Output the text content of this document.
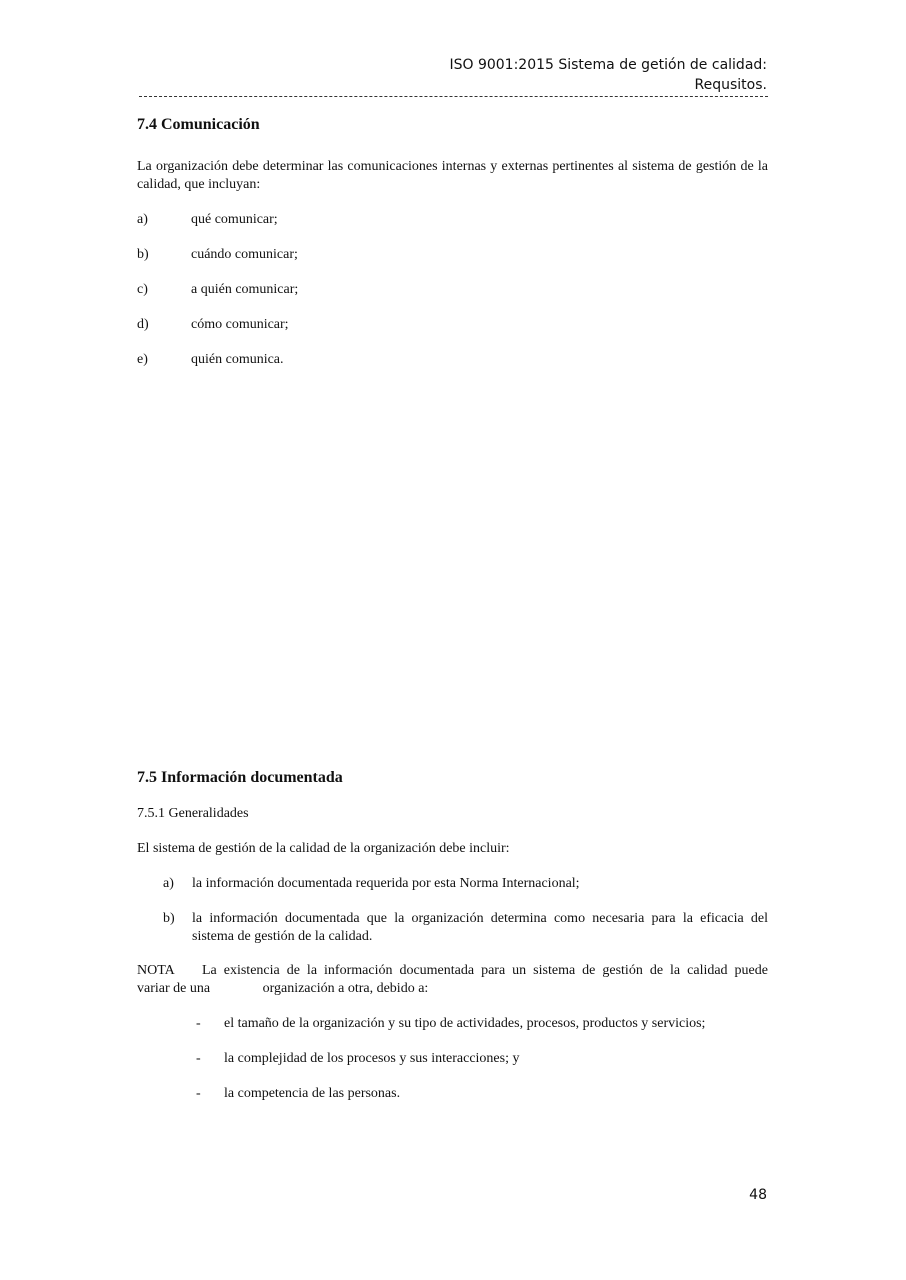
ISO 9001:2015 Sistema de getión de calidad:
Requsitos.
7.4 Comunicación
La organización debe determinar las comunicaciones internas y externas pertinentes al sistema de gestión de la calidad, que incluyan:
a)	qué comunicar;
b)	cuándo comunicar;
c)	a quién comunicar;
d)	cómo comunicar;
e)	quién comunica.
7.5 Información documentada
7.5.1 Generalidades
El sistema de gestión de la calidad de la organización debe incluir:
a) la información documentada requerida por esta Norma Internacional;
b) la información documentada que la organización determina como necesaria para la eficacia del sistema de gestión de la calidad.
NOTA    La existencia de la información documentada para un sistema de gestión de la calidad puede
variar de una               organización a otra, debido a:
- el tamaño de la organización y su tipo de actividades, procesos, productos y servicios;
- la complejidad de los procesos y sus interacciones; y
- la competencia de las personas.
48
